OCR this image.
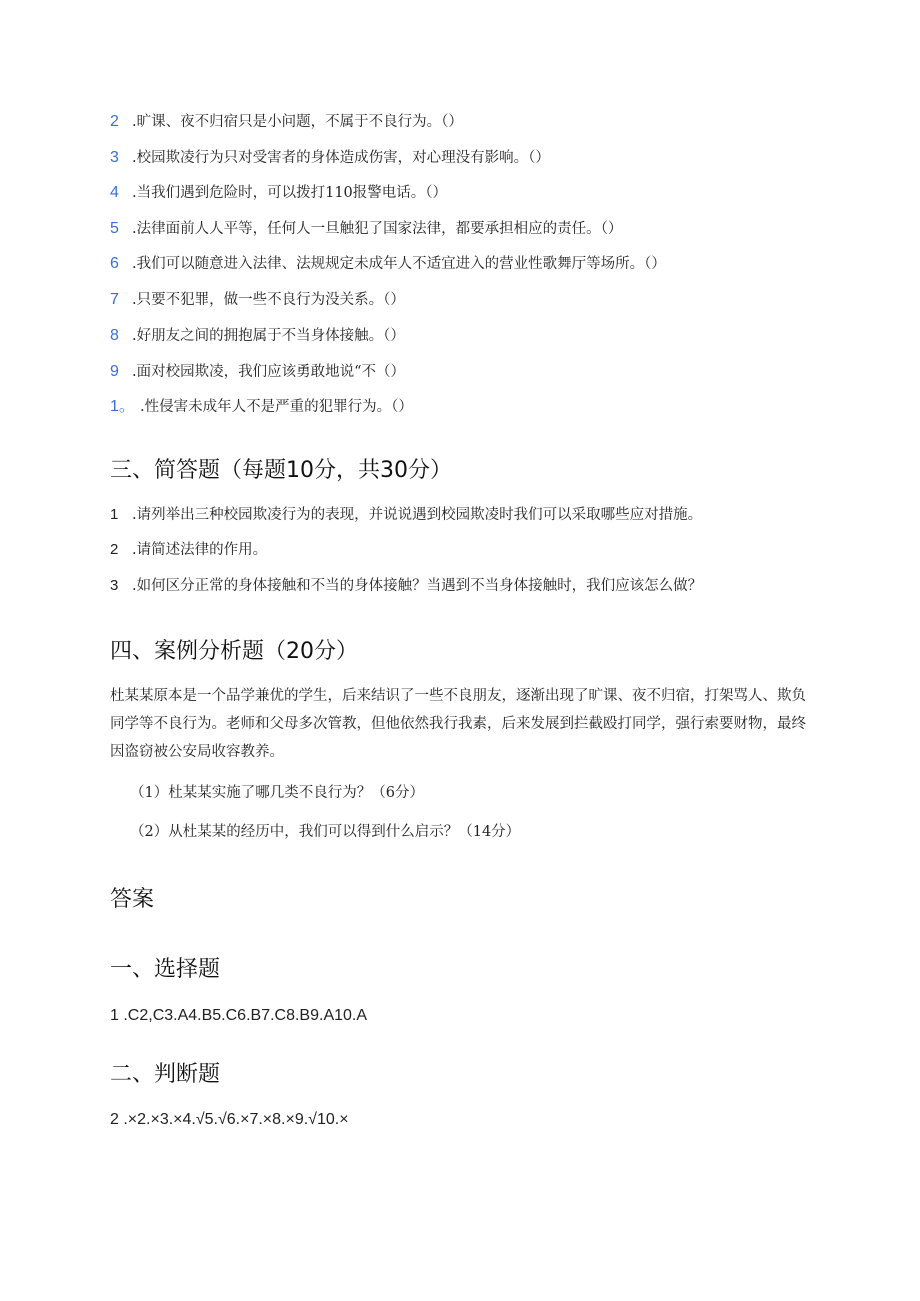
2 .旷课、夜不归宿只是小问题，不属于不良行为。（）
3 .校园欺凌行为只对受害者的身体造成伤害，对心理没有影响。（）
4 .当我们遇到危险时，可以拨打110报警电话。（）
5 .法律面前人人平等，任何人一旦触犯了国家法律，都要承担相应的责任。（）
6 .我们可以随意进入法律、法规规定未成年人不适宜进入的营业性歌舞厅等场所。（）
7 .只要不犯罪，做一些不良行为没关系。（）
8 .好朋友之间的拥抱属于不当身体接触。（）
9 .面对校园欺凌，我们应该勇敢地说“不（）
1。 .性侵害未成年人不是严重的犯罪行为。（）
三、简答题（每题10分，共30分）
1 .请列举出三种校园欺凌行为的表现，并说说遇到校园欺凌时我们可以采取哪些应对措施。
2 .请简述法律的作用。
3 .如何区分正常的身体接触和不当的身体接触？当遇到不当身体接触时，我们应该怎么做？
四、案例分析题（20分）
杜某某原本是一个品学兼优的学生，后来结识了一些不良朋友，逐渐出现了旷课、夜不归宿，打架骂人、欺负同学等不良行为。老师和父母多次管教，但他依然我行我素，后来发展到拦截殴打同学，强行索要财物，最终因盗窃被公安局收容教养。
（1）杜某某实施了哪几类不良行为？（6分）
（2）从杜某某的经历中，我们可以得到什么启示？（14分）
答案
一、选择题
1 .C2,C3.A4.B5.C6.B7.C8.B9.A10.A
二、判断题
2 .×2.×3.×4.√5.√6.×7.×8.×9.√10.×
